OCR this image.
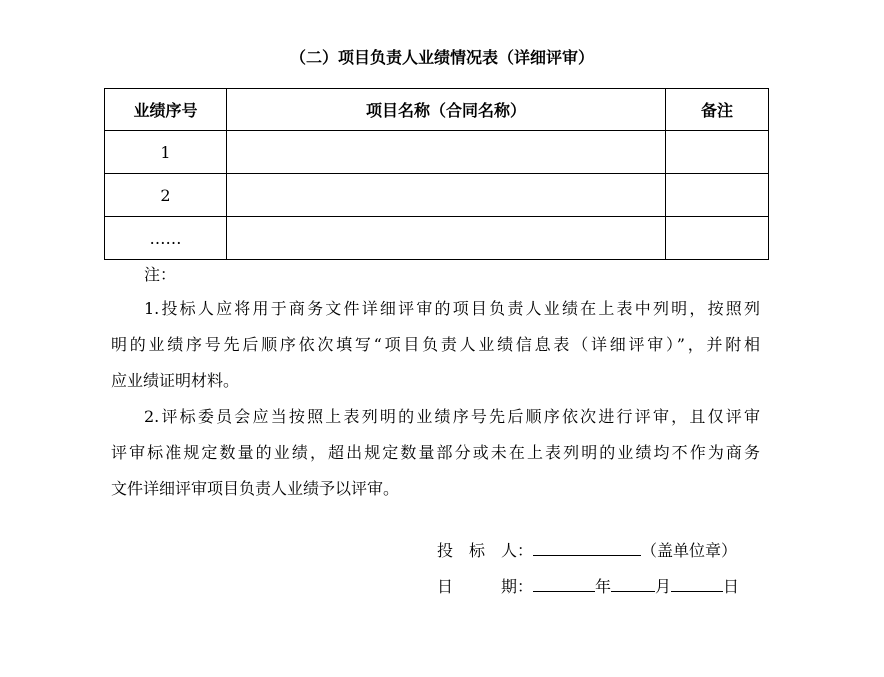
（二）项目负责人业绩情况表（详细评审）
业绩序号	项目名称（合同名称）	备注
1		
2		
……		
注：
1.投标人应将用于商务文件详细评审的项目负责人业绩在上表中列明，按照列
明的业绩序号先后顺序依次填写“项目负责人业绩信息表（详细评审）”，并附相
应业绩证明材料。
2.评标委员会应当按照上表列明的业绩序号先后顺序依次进行评审，且仅评审
评审标准规定数量的业绩，超出规定数量部分或未在上表列明的业绩均不作为商务
文件详细评审项目负责人业绩予以评审。
投　标　人：	（盖单位章）
日　　　期：	年	月	日
